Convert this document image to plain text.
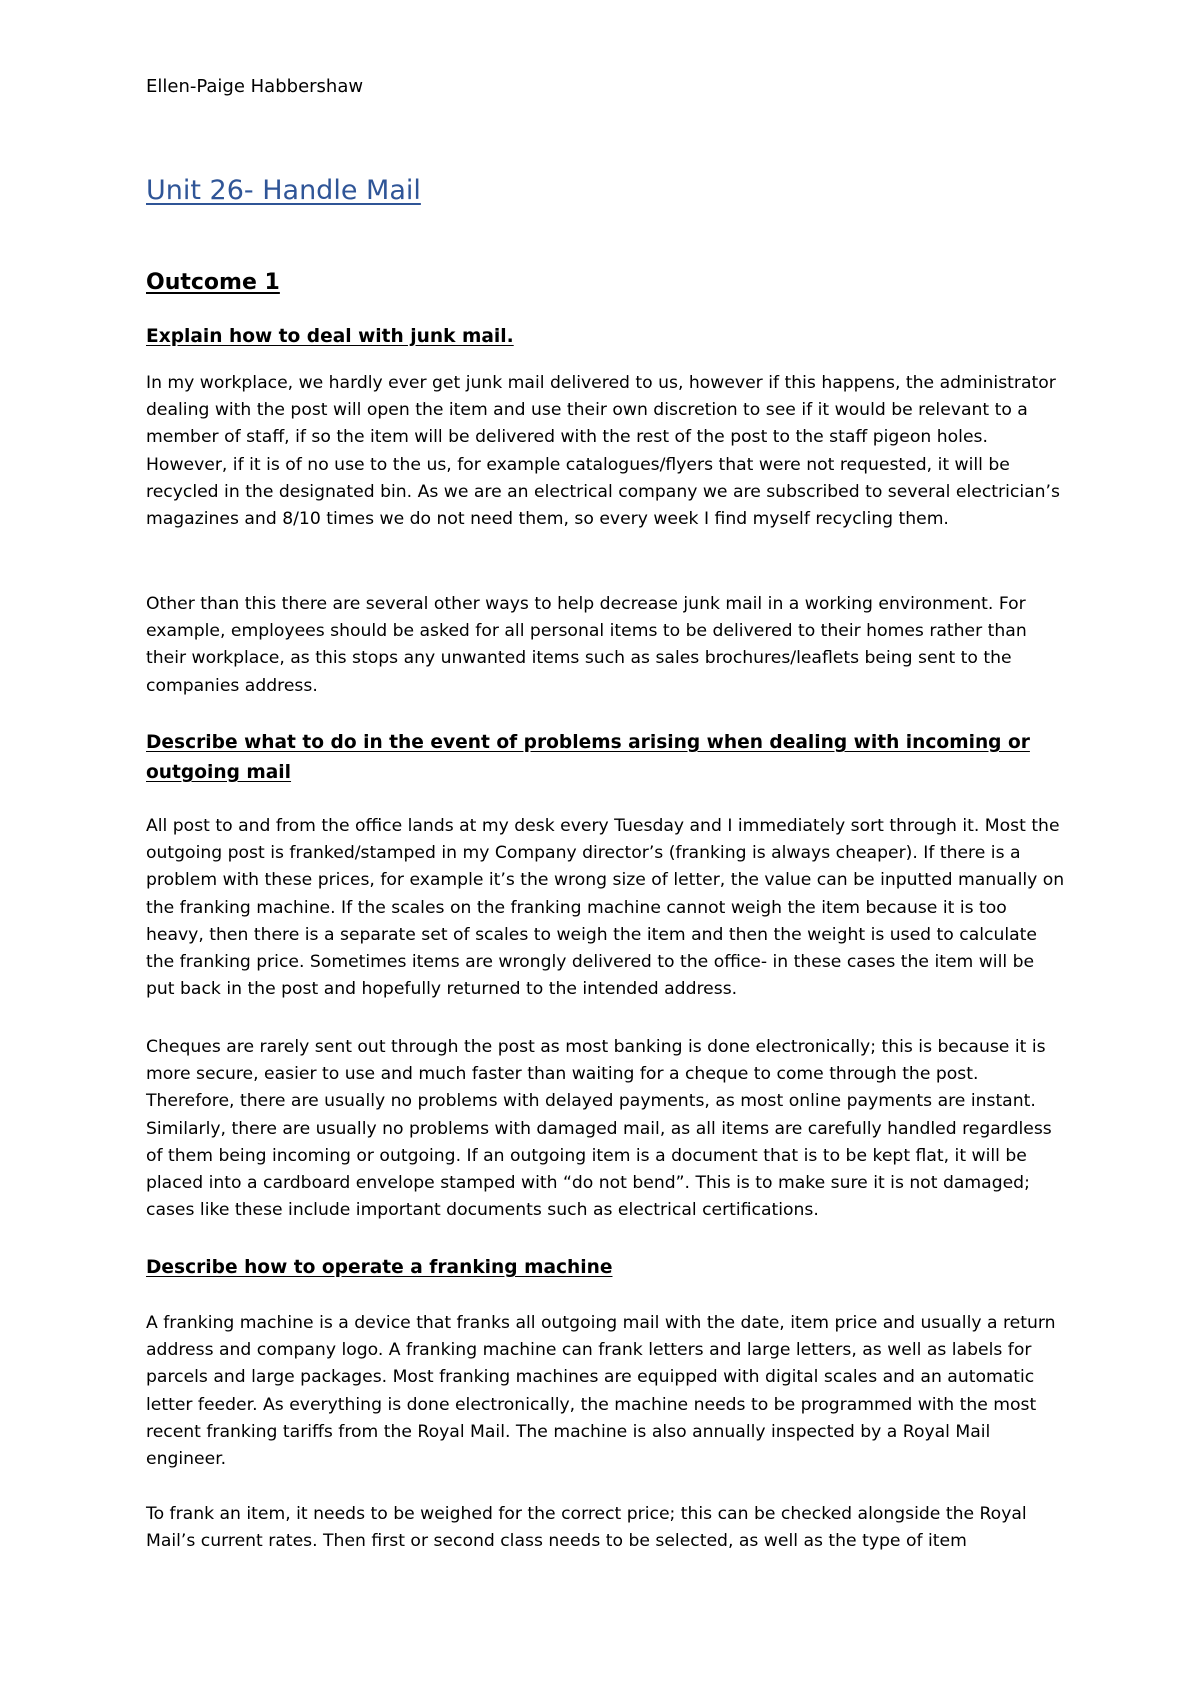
Ellen-Paige Habbershaw
Unit 26- Handle Mail
Outcome 1
Explain how to deal with junk mail.

In my workplace, we hardly ever get junk mail delivered to us, however if this happens, the administrator dealing with the post will open the item and use their own discretion to see if it would be relevant to a member of staff, if so the item will be delivered with the rest of the post to the staff pigeon holes. However, if it is of no use to the us, for example catalogues/flyers that were not requested, it will be recycled in the designated bin. As we are an electrical company we are subscribed to several electrician’s magazines and 8/10 times we do not need them, so every week I find myself recycling them.

Other than this there are several other ways to help decrease junk mail in a working environment. For example, employees should be asked for all personal items to be delivered to their homes rather than their workplace, as this stops any unwanted items such as sales brochures/leaflets being sent to the companies address.

Describe what to do in the event of problems arising when dealing with incoming or outgoing mail

All post to and from the office lands at my desk every Tuesday and I immediately sort through it. Most the outgoing post is franked/stamped in my Company director’s (franking is always cheaper). If there is a problem with these prices, for example it’s the wrong size of letter, the value can be inputted manually on the franking machine. If the scales on the franking machine cannot weigh the item because it is too heavy, then there is a separate set of scales to weigh the item and then the weight is used to calculate the franking price. Sometimes items are wrongly delivered to the office- in these cases the item will be put back in the post and hopefully returned to the intended address.

Cheques are rarely sent out through the post as most banking is done electronically; this is because it is more secure, easier to use and much faster than waiting for a cheque to come through the post. Therefore, there are usually no problems with delayed payments, as most online payments are instant. Similarly, there are usually no problems with damaged mail, as all items are carefully handled regardless of them being incoming or outgoing. If an outgoing item is a document that is to be kept flat, it will be placed into a cardboard envelope stamped with “do not bend”. This is to make sure it is not damaged; cases like these include important documents such as electrical certifications.

Describe how to operate a franking machine

A franking machine is a device that franks all outgoing mail with the date, item price and usually a return address and company logo. A franking machine can frank letters and large letters, as well as labels for parcels and large packages. Most franking machines are equipped with digital scales and an automatic letter feeder. As everything is done electronically, the machine needs to be programmed with the most recent franking tariffs from the Royal Mail. The machine is also annually inspected by a Royal Mail engineer.

To frank an item, it needs to be weighed for the correct price; this can be checked alongside the Royal Mail’s current rates. Then first or second class needs to be selected, as well as the type of item
